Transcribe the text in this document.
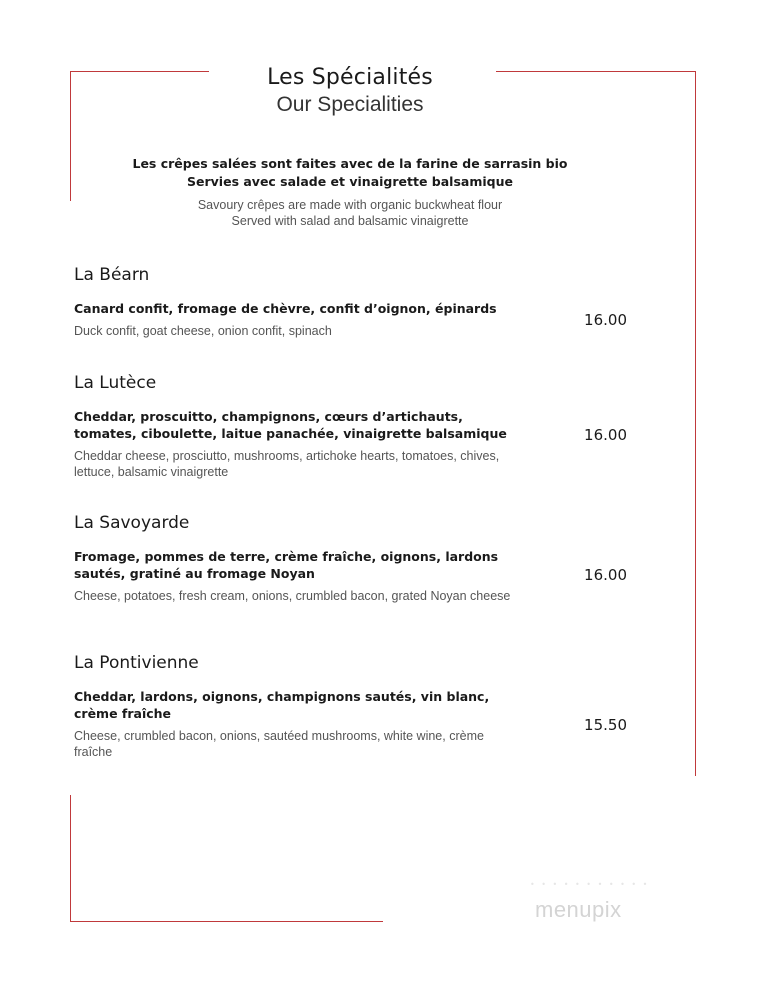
Les Spécialités
Our Specialities
Les crêpes salées sont faites avec de la farine de sarrasin bio
Servies avec salade et vinaigrette balsamique
Savoury crêpes are made with organic buckwheat flour
Served with salad and balsamic vinaigrette
La Béarn
Canard confit, fromage de chèvre, confit d’oignon, épinards
Duck confit, goat cheese, onion confit, spinach
16.00
La Lutèce
Cheddar, proscuitto, champignons, cœurs d’artichauts, tomates, ciboulette, laitue panachée, vinaigrette balsamique
Cheddar cheese, prosciutto, mushrooms, artichoke hearts, tomatoes, chives, lettuce, balsamic vinaigrette
16.00
La Savoyarde
Fromage, pommes de terre, crème fraîche, oignons, lardons sautés, gratiné au fromage Noyan
Cheese, potatoes, fresh cream, onions, crumbled bacon, grated Noyan cheese
16.00
La Pontivienne
Cheddar, lardons, oignons, champignons sautés, vin blanc, crème fraîche
Cheese, crumbled bacon, onions, sautéed mushrooms, white wine, crème fraîche
15.50
• • • • • • • • • • •
menupix
